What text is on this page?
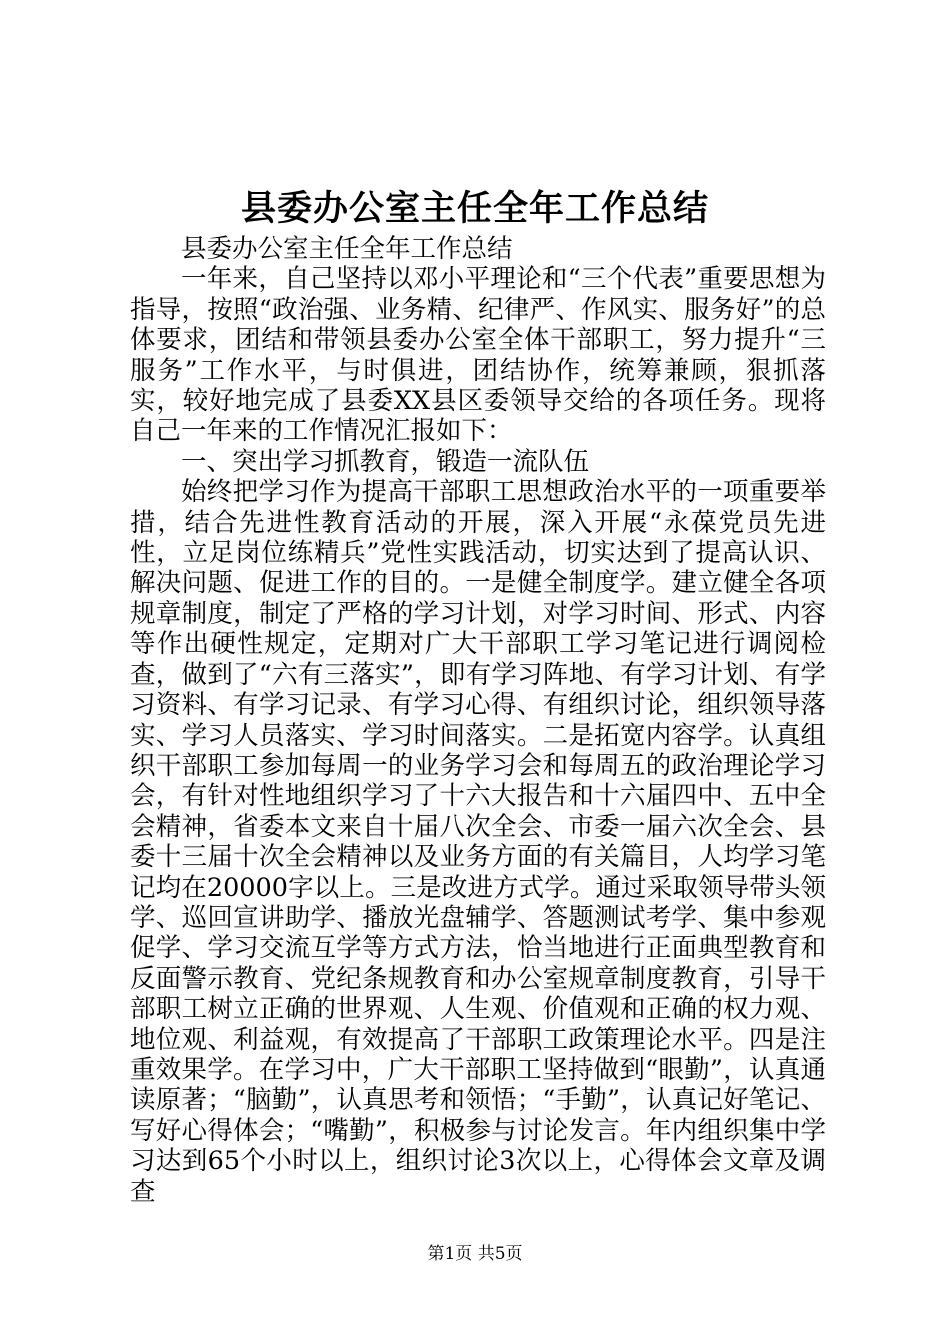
县委办公室主任全年工作总结

县委办公室主任全年工作总结

一年来，自己坚持以邓小平理论和“三个代表”重要思想为指导，按照“政治强、业务精、纪律严、作风实、服务好”的总体要求，团结和带领县委办公室全体干部职工，努力提升“三服务”工作水平，与时俱进，团结协作，统筹兼顾，狠抓落实，较好地完成了县委XX县区委领导交给的各项任务。现将自己一年来的工作情况汇报如下：

一、突出学习抓教育，锻造一流队伍

始终把学习作为提高干部职工思想政治水平的一项重要举措，结合先进性教育活动的开展，深入开展“永葆党员先进性，立足岗位练精兵”党性实践活动，切实达到了提高认识、解决问题、促进工作的目的。一是健全制度学。建立健全各项规章制度，制定了严格的学习计划，对学习时间、形式、内容等作出硬性规定，定期对广大干部职工学习笔记进行调阅检查，做到了“六有三落实”，即有学习阵地、有学习计划、有学习资料、有学习记录、有学习心得、有组织讨论，组织领导落实、学习人员落实、学习时间落实。二是拓宽内容学。认真组织干部职工参加每周一的业务学习会和每周五的政治理论学习会，有针对性地组织学习了十六大报告和十六届四中、五中全会精神，省委本文来自十届八次全会、市委一届六次全会、县委十三届十次全会精神以及业务方面的有关篇目，人均学习笔记均在20000字以上。三是改进方式学。通过采取领导带头领学、巡回宣讲助学、播放光盘辅学、答题测试考学、集中参观促学、学习交流互学等方式方法，恰当地进行正面典型教育和反面警示教育、党纪条规教育和办公室规章制度教育，引导干部职工树立正确的世界观、人生观、价值观和正确的权力观、地位观、利益观，有效提高了干部职工政策理论水平。四是注重效果学。在学习中，广大干部职工坚持做到“眼勤”，认真通读原著；“脑勤”，认真思考和领悟；“手勤”，认真记好笔记、写好心得体会；“嘴勤”，积极参与讨论发言。年内组织集中学习达到65个小时以上，组织讨论3次以上，心得体会文章及调查

第1页 共5页
